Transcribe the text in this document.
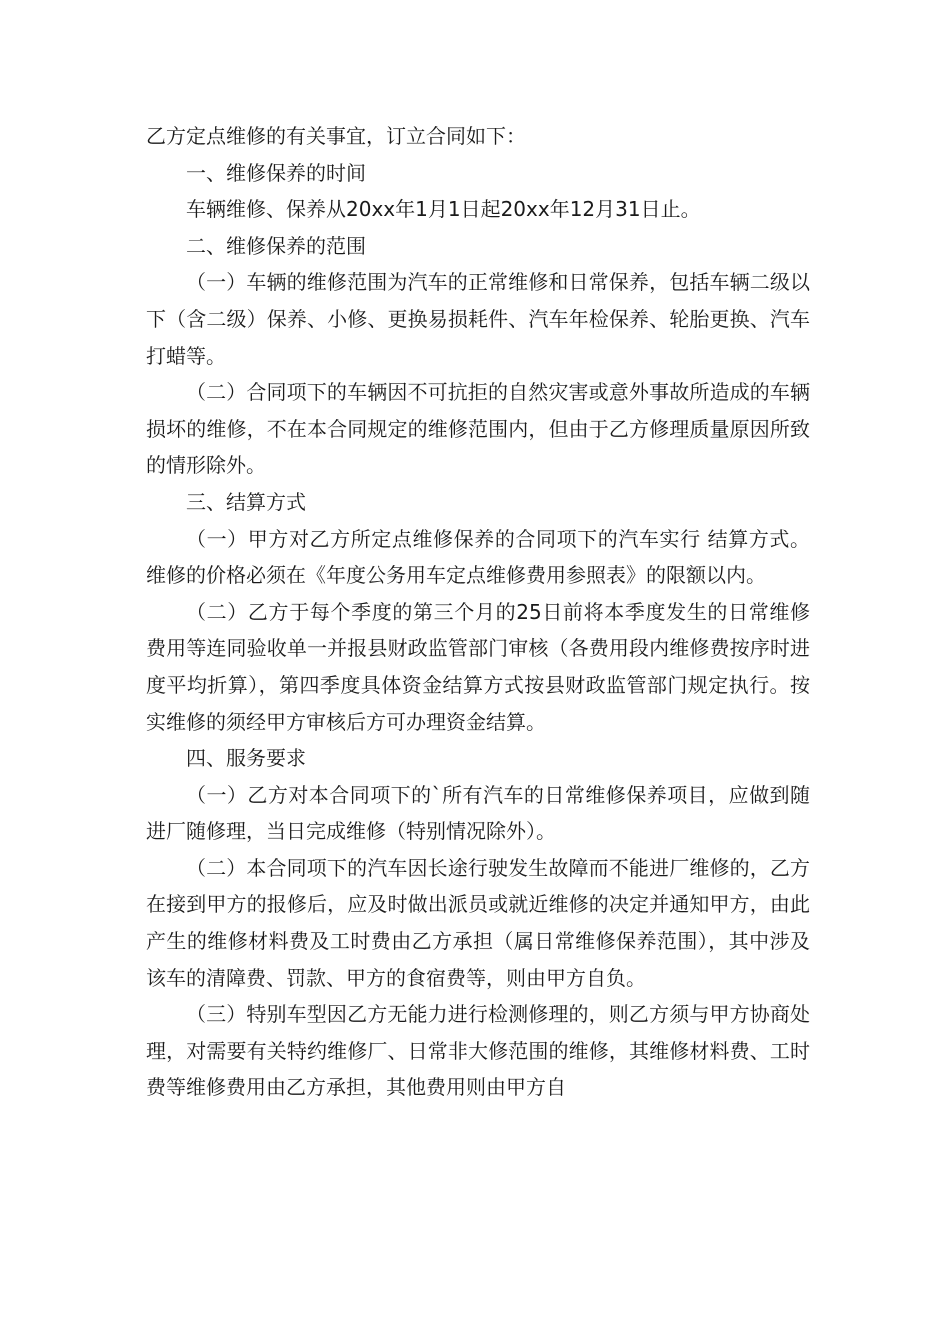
乙方定点维修的有关事宜，订立合同如下：

一、维修保养的时间

车辆维修、保养从20xx年1月1日起20xx年12月31日止。

二、维修保养的范围

（一）车辆的维修范围为汽车的正常维修和日常保养，包括车辆二级以下（含二级）保养、小修、更换易损耗件、汽车年检保养、轮胎更换、汽车打蜡等。

（二）合同项下的车辆因不可抗拒的自然灾害或意外事故所造成的车辆损坏的维修，不在本合同规定的维修范围内，但由于乙方修理质量原因所致的情形除外。

三、结算方式

（一）甲方对乙方所定点维修保养的合同项下的汽车实行 结算方式。 维修的价格必须在《年度公务用车定点维修费用参照表》的限额以内。

（二）乙方于每个季度的第三个月的25日前将本季度发生的日常维修费用等连同验收单一并报县财政监管部门审核（各费用段内维修费按序时进度平均折算），第四季度具体资金结算方式按县财政监管部门规定执行。按实维修的须经甲方审核后方可办理资金结算。

四、服务要求

（一）乙方对本合同项下的`所有汽车的日常维修保养项目，应做到随进厂随修理，当日完成维修（特别情况除外）。

（二）本合同项下的汽车因长途行驶发生故障而不能进厂维修的，乙方在接到甲方的报修后，应及时做出派员或就近维修的决定并通知甲方，由此产生的维修材料费及工时费由乙方承担（属日常维修保养范围），其中涉及该车的清障费、罚款、甲方的食宿费等，则由甲方自负。

（三）特别车型因乙方无能力进行检测修理的，则乙方须与甲方协商处理，对需要有关特约维修厂、日常非大修范围的维修，其维修材料费、工时费等维修费用由乙方承担，其他费用则由甲方自
